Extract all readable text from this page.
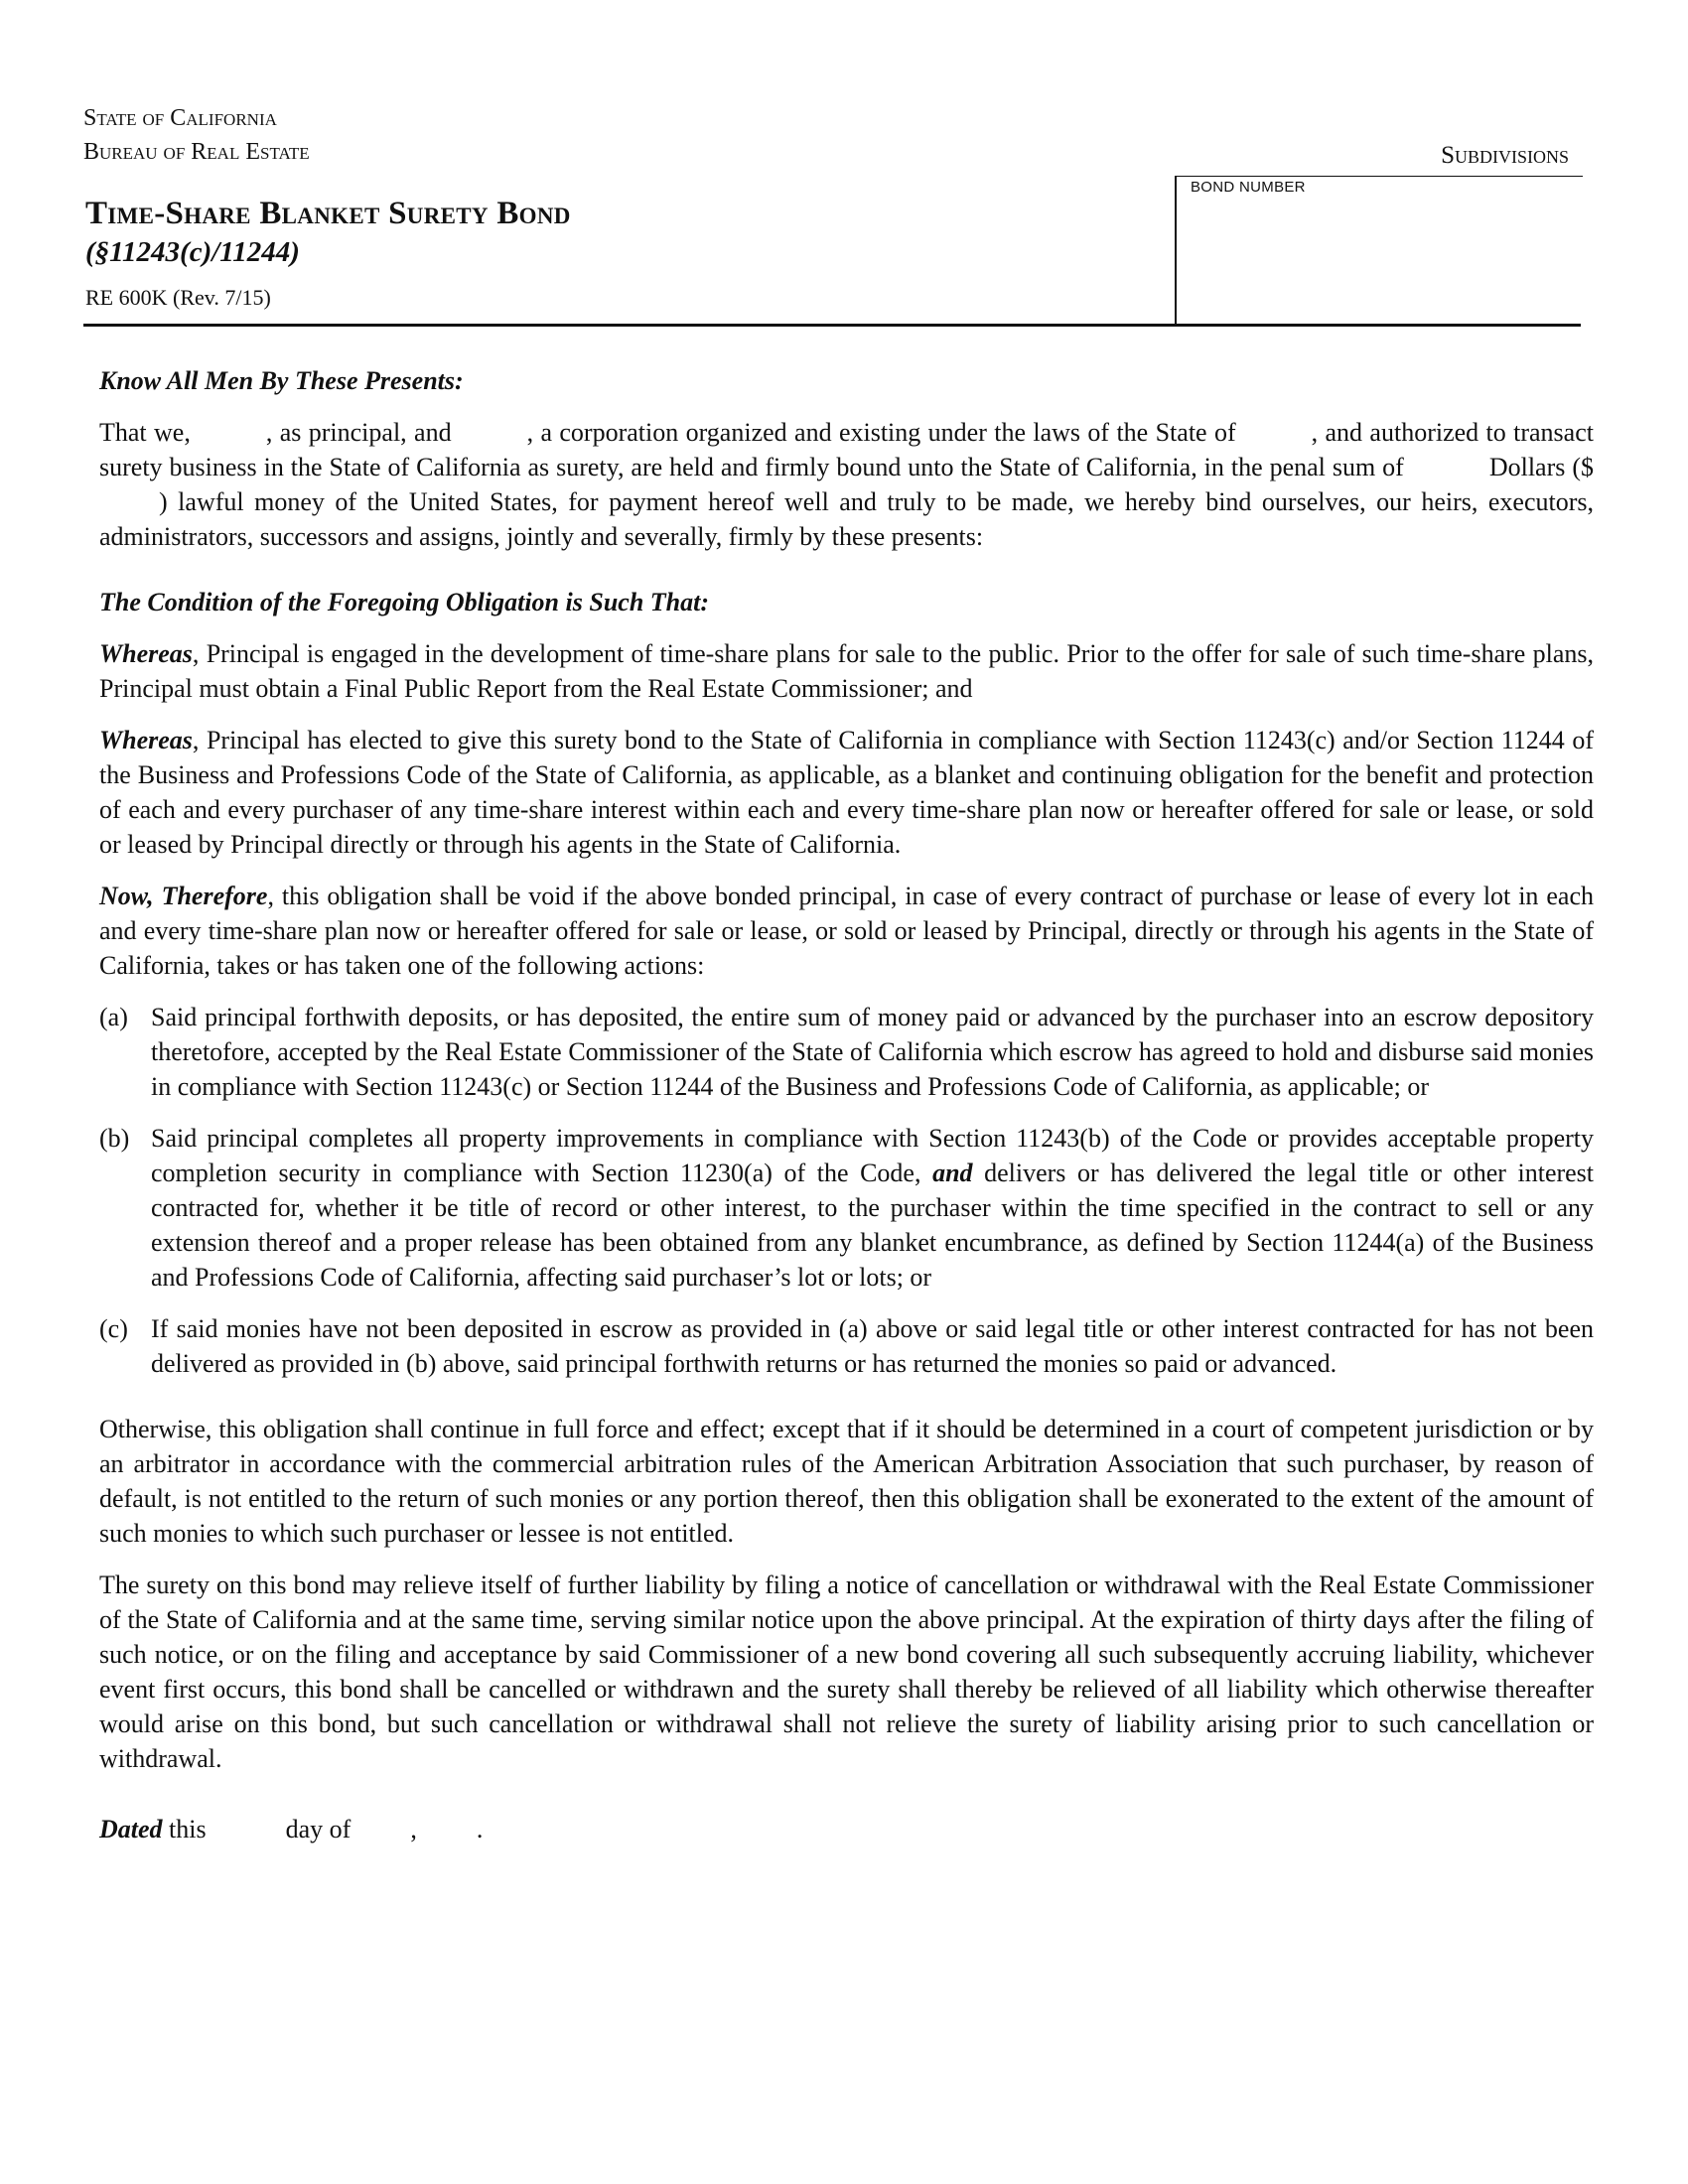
State of California
Bureau of Real Estate	Subdivisions
Time-Share Blanket Surety Bond
(§11243(c)/11244)
RE 600K (Rev. 7/15)
BOND NUMBER

Know All Men By These Presents:

That we,	, as principal, and	, a corporation organized and existing under the laws of the State of	, and authorized to transact surety business in the State of California as surety, are held and firmly bound unto the State of California, in the penal sum of	Dollars ($) lawful money of the United States, for payment hereof well and truly to be made, we hereby bind ourselves, our heirs, executors, administrators, successors and assigns, jointly and severally, firmly by these presents:

The Condition of the Foregoing Obligation is Such That:

Whereas, Principal is engaged in the development of time-share plans for sale to the public. Prior to the offer for sale of such time-share plans, Principal must obtain a Final Public Report from the Real Estate Commissioner; and

Whereas, Principal has elected to give this surety bond to the State of California in compliance with Section 11243(c) and/or Section 11244 of the Business and Professions Code of the State of California, as applicable, as a blanket and continuing obligation for the benefit and protection of each and every purchaser of any time-share interest within each and every time-share plan now or hereafter offered for sale or lease, or sold or leased by Principal directly or through his agents in the State of California.

Now, Therefore, this obligation shall be void if the above bonded principal, in case of every contract of purchase or lease of every lot in each and every time-share plan now or hereafter offered for sale or lease, or sold or leased by Principal, directly or through his agents in the State of California, takes or has taken one of the following actions:

(a) Said principal forthwith deposits, or has deposited, the entire sum of money paid or advanced by the purchaser into an escrow depository theretofore, accepted by the Real Estate Commissioner of the State of California which escrow has agreed to hold and disburse said monies in compliance with Section 11243(c) or Section 11244 of the Business and Professions Code of California, as applicable; or

(b) Said principal completes all property improvements in compliance with Section 11243(b) of the Code or provides acceptable property completion security in compliance with Section 11230(a) of the Code, and delivers or has delivered the legal title or other interest contracted for, whether it be title of record or other interest, to the purchaser within the time specified in the contract to sell or any extension thereof and a proper release has been obtained from any blanket encumbrance, as defined by Section 11244(a) of the Business and Professions Code of California, affecting said purchaser’s lot or lots; or

(c) If said monies have not been deposited in escrow as provided in (a) above or said legal title or other interest contracted for has not been delivered as provided in (b) above, said principal forthwith returns or has returned the monies so paid or advanced.

Otherwise, this obligation shall continue in full force and effect; except that if it should be determined in a court of competent jurisdiction or by an arbitrator in accordance with the commercial arbitration rules of the American Arbitration Association that such purchaser, by reason of default, is not entitled to the return of such monies or any portion thereof, then this obligation shall be exonerated to the extent of the amount of such monies to which such purchaser or lessee is not entitled.

The surety on this bond may relieve itself of further liability by filing a notice of cancellation or withdrawal with the Real Estate Commissioner of the State of California and at the same time, serving similar notice upon the above principal. At the expiration of thirty days after the filing of such notice, or on the filing and acceptance by said Commissioner of a new bond covering all such subsequently accruing liability, whichever event first occurs, this bond shall be cancelled or withdrawn and the surety shall thereby be relieved of all liability which otherwise thereafter would arise on this bond, but such cancellation or withdrawal shall not relieve the surety of liability arising prior to such cancellation or withdrawal.

Dated this	day of , .
